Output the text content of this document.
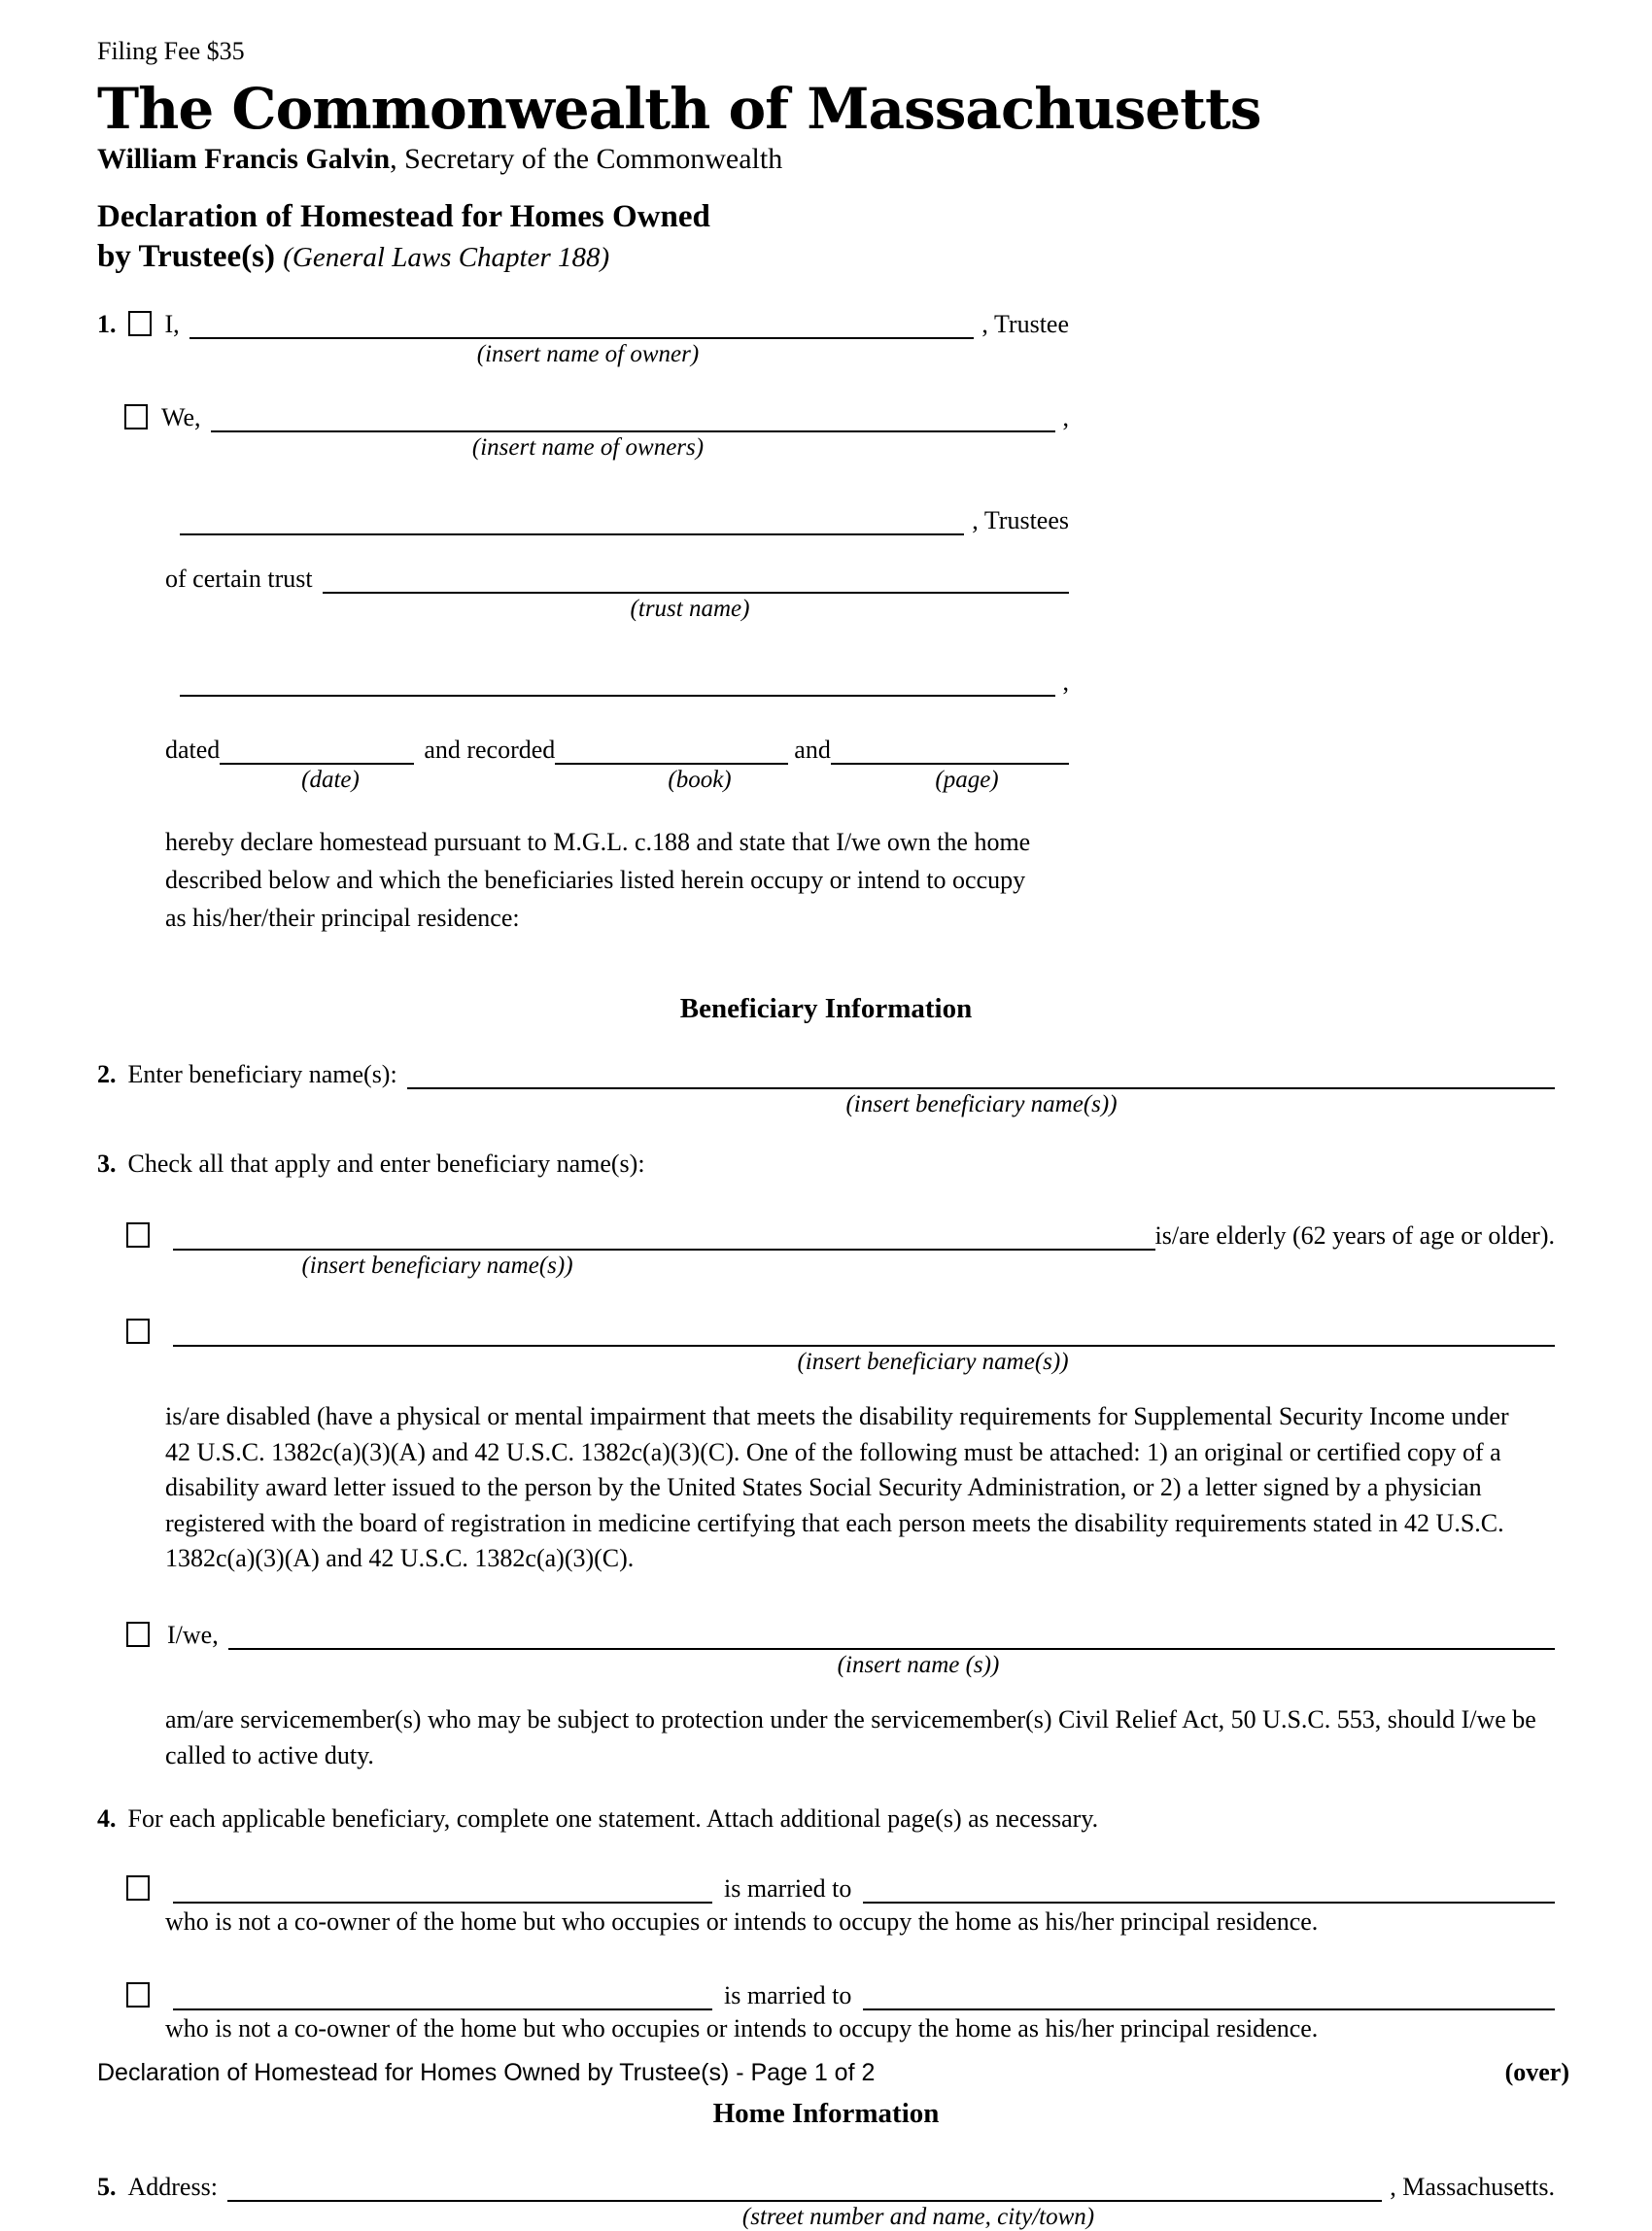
Filing Fee $35
The Commonwealth of Massachusetts
William Francis Galvin, Secretary of the Commonwealth
Declaration of Homestead for Homes Owned
by Trustee(s) (General Laws Chapter 188)
1. I,	, Trustee
(insert name of owner)
We,	,
(insert name of owners)
, Trustees
of certain trust
(trust name)
,
dated	and recorded	and
(date)	(book)	(page)
hereby declare homestead pursuant to M.G.L. c.188 and state that I/we own the home described below and which the beneficiaries listed herein occupy or intend to occupy as his/her/their principal residence:
Beneficiary Information
2. Enter beneficiary name(s):
(insert beneficiary name(s))
3. Check all that apply and enter beneficiary name(s):
is/are elderly (62 years of age or older).
(insert beneficiary name(s))
(insert beneficiary name(s))
is/are disabled (have a physical or mental impairment that meets the disability requirements for Supplemental Security Income under 42 U.S.C. 1382c(a)(3)(A) and 42 U.S.C. 1382c(a)(3)(C). One of the following must be attached: 1) an original or certified copy of a disability award letter issued to the person by the United States Social Security Administration, or 2) a letter signed by a physician registered with the board of registration in medicine certifying that each person meets the disability requirements stated in 42 U.S.C. 1382c(a)(3)(A) and 42 U.S.C. 1382c(a)(3)(C).
I/we,
(insert name (s))
am/are servicemember(s) who may be subject to protection under the servicemember(s) Civil Relief Act, 50 U.S.C. 553, should I/we be called to active duty.
4. For each applicable beneficiary, complete one statement. Attach additional page(s) as necessary.
is married to
who is not a co-owner of the home but who occupies or intends to occupy the home as his/her principal residence.
is married to
who is not a co-owner of the home but who occupies or intends to occupy the home as his/her principal residence.
Home Information
5. Address:	, Massachusetts.
(street number and name, city/town)
Declaration of Homestead for Homes Owned by Trustee(s) - Page 1 of 2	(over)
